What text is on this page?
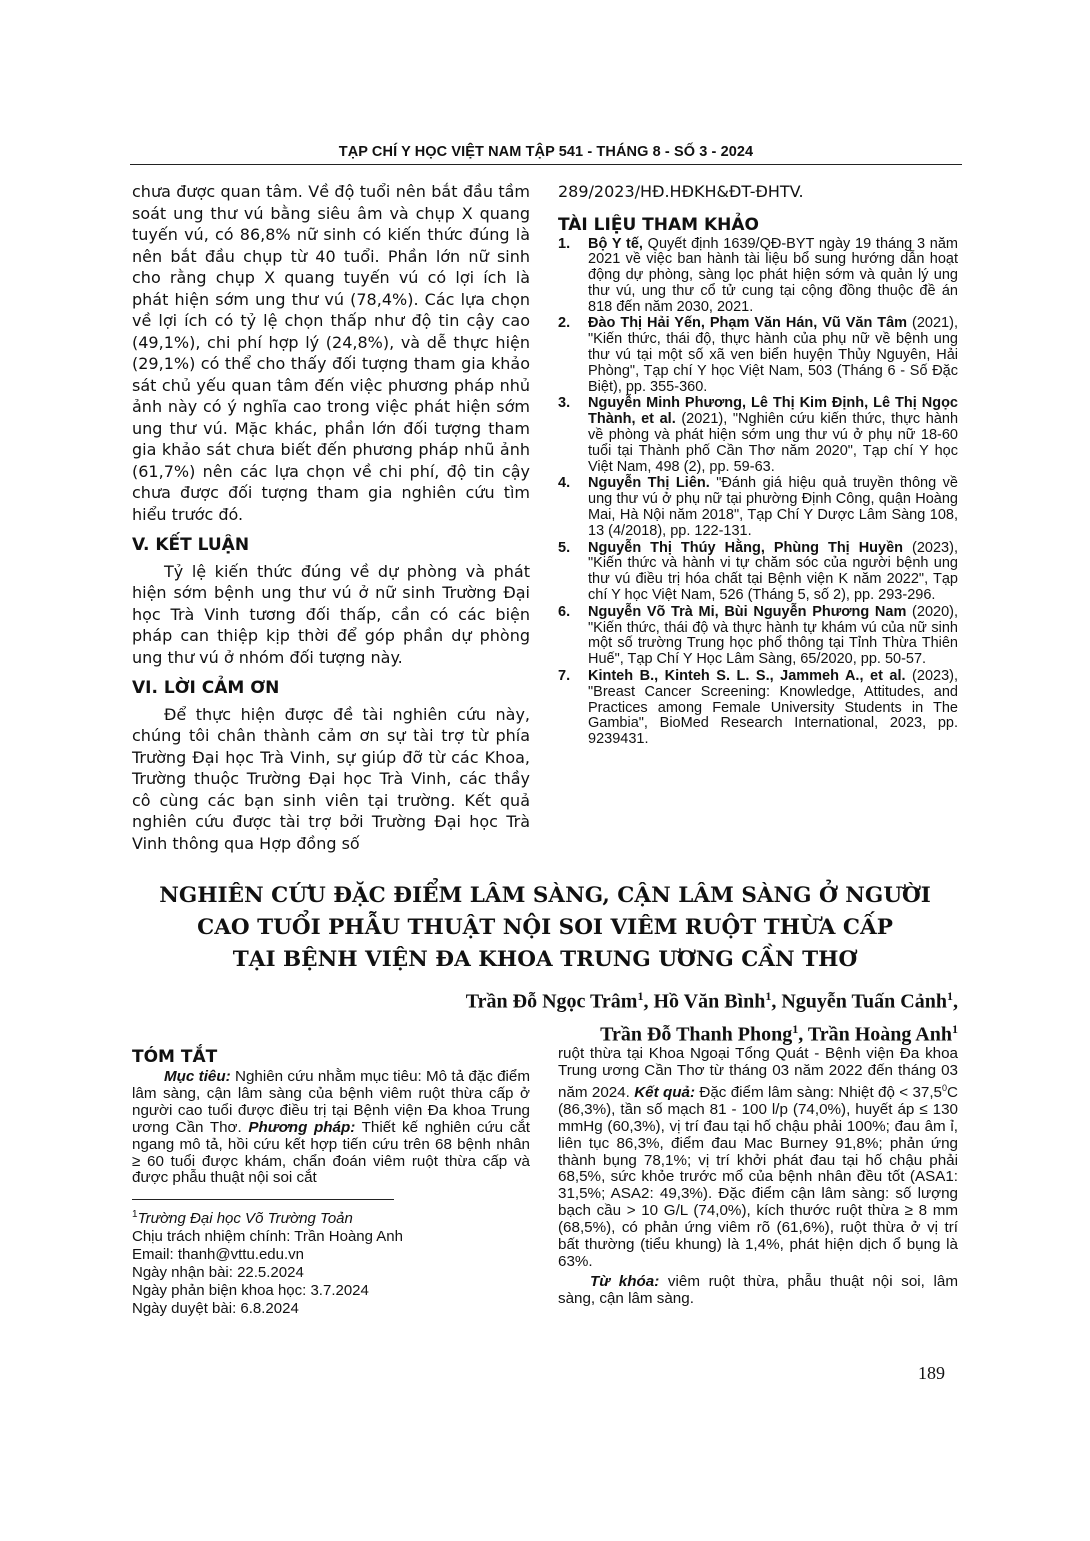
TẠP CHÍ Y HỌC VIỆT NAM TẬP 541 - THÁNG 8 - SỐ 3 - 2024

chưa được quan tâm. Về độ tuổi nên bắt đầu tầm soát ung thư vú bằng siêu âm và chụp X quang tuyến vú, có 86,8% nữ sinh có kiến thức đúng là nên bắt đầu chụp từ 40 tuổi. Phần lớn nữ sinh cho rằng chụp X quang tuyến vú có lợi ích là phát hiện sớm ung thư vú (78,4%). Các lựa chọn về lợi ích có tỷ lệ chọn thấp như độ tin cậy cao (49,1%), chi phí hợp lý (24,8%), và dễ thực hiện (29,1%) có thể cho thấy đối tượng tham gia khảo sát chủ yếu quan tâm đến việc phương pháp nhủ ảnh này có ý nghĩa cao trong việc phát hiện sớm ung thư vú. Mặc khác, phần lớn đối tượng tham gia khảo sát chưa biết đến phương pháp nhũ ảnh (61,7%) nên các lựa chọn về chi phí, độ tin cậy chưa được đối tượng tham gia nghiên cứu tìm hiểu trước đó.

V. KẾT LUẬN

Tỷ lệ kiến thức đúng về dự phòng và phát hiện sớm bệnh ung thư vú ở nữ sinh Trường Đại học Trà Vinh tương đối thấp, cần có các biện pháp can thiệp kịp thời để góp phần dự phòng ung thư vú ở nhóm đối tượng này.

VI. LỜI CẢM ƠN

Để thực hiện được đề tài nghiên cứu này, chúng tôi chân thành cảm ơn sự tài trợ từ phía Trường Đại học Trà Vinh, sự giúp đỡ từ các Khoa, Trường thuộc Trường Đại học Trà Vinh, các thầy cô cùng các bạn sinh viên tại trường. Kết quả nghiên cứu được tài trợ bởi Trường Đại học Trà Vinh thông qua Hợp đồng số

289/2023/HĐ.HĐKH&ĐT-ĐHTV.
TÀI LIỆU THAM KHẢO
1.	Bộ Y tế, Quyết định 1639/QĐ-BYT ngày 19 tháng 3 năm 2021 về việc ban hành tài liệu bổ sung hướng dẫn hoạt động dự phòng, sàng lọc phát hiện sớm và quản lý ung thư vú, ung thư cổ tử cung tại cộng đồng thuộc đề án 818 đến năm 2030, 2021.
2.	Đào Thị Hải Yến, Phạm Văn Hán, Vũ Văn Tâm (2021), "Kiến thức, thái độ, thực hành của phụ nữ về bệnh ung thư vú tại một số xã ven biển huyện Thủy Nguyên, Hải Phòng", Tạp chí Y học Việt Nam, 503 (Tháng 6 - Số Đặc Biệt), pp. 355-360.
3.	Nguyễn Minh Phương, Lê Thị Kim Định, Lê Thị Ngọc Thành, et al. (2021), "Nghiên cứu kiến thức, thực hành về phòng và phát hiện sớm ung thư vú ở phụ nữ 18-60 tuổi tại Thành phố Cần Thơ năm 2020", Tạp chí Y học Việt Nam, 498 (2), pp. 59-63.
4.	Nguyễn Thị Liên. "Đánh giá hiệu quả truyền thông về ung thư vú ở phụ nữ tại phường Định Công, quận Hoàng Mai, Hà Nội năm 2018", Tạp Chí Y Dược Lâm Sàng 108, 13 (4/2018), pp. 122-131.
5.	Nguyễn Thị Thúy Hằng, Phùng Thị Huyền (2023), "Kiến thức và hành vi tự chăm sóc của người bệnh ung thư vú điều trị hóa chất tại Bệnh viện K năm 2022", Tạp chí Y học Việt Nam, 526 (Tháng 5, số 2), pp. 293-296.
6.	Nguyễn Võ Trà Mi, Bùi Nguyễn Phương Nam (2020), "Kiến thức, thái độ và thực hành tự khám vú của nữ sinh một số trường Trung học phổ thông tại Tỉnh Thừa Thiên Huế", Tạp Chí Y Học Lâm Sàng, 65/2020, pp. 50-57.
7.	Kinteh B., Kinteh S. L. S., Jammeh A., et al. (2023), "Breast Cancer Screening: Knowledge, Attitudes, and Practices among Female University Students in The Gambia", BioMed Research International, 2023, pp. 9239431.
NGHIÊN CỨU ĐẶC ĐIỂM LÂM SÀNG, CẬN LÂM SÀNG Ở NGƯỜI
CAO TUỔI PHẪU THUẬT NỘI SOI VIÊM RUỘT THỪA CẤP
TẠI BỆNH VIỆN ĐA KHOA TRUNG ƯƠNG CẦN THƠ
Trần Đỗ Ngọc Trâm$^1$, Hồ Văn Bình$^1$, Nguyễn Tuấn Cảnh$^1$,
Trần Đỗ Thanh Phong$^1$, Trần Hoàng Anh$^1$
TÓM TẮT

Mục tiêu: Nghiên cứu nhằm mục tiêu: Mô tả đặc điểm lâm sàng, cận lâm sàng của bệnh viêm ruột thừa cấp ở người cao tuổi được điều trị tại Bệnh viện Đa khoa Trung ương Cần Thơ. Phương pháp: Thiết kế nghiên cứu cắt ngang mô tả, hồi cứu kết hợp tiến cứu trên 68 bệnh nhân ≥ 60 tuổi được khám, chẩn đoán viêm ruột thừa cấp và được phẫu thuật nội soi cắt

$^1$Trường Đại học Võ Trường Toản
Chịu trách nhiệm chính: Trần Hoàng Anh
Email: thanh@vttu.edu.vn
Ngày nhận bài: 22.5.2024
Ngày phản biện khoa học: 3.7.2024
Ngày duyệt bài: 6.8.2024

ruột thừa tại Khoa Ngoại Tổng Quát - Bệnh viện Đa khoa Trung ương Cần Thơ từ tháng 03 năm 2022 đến tháng 03 năm 2024. Kết quả: Đặc điểm lâm sàng: Nhiệt độ < $37,5^0C$ (86,3%), tần số mạch 81 - 100 l/p (74,0%), huyết áp ≤ 130 mmHg (60,3%), vị trí đau tại hố chậu phải 100%; đau âm ỉ, liên tục 86,3%, điểm đau Mac Burney 91,8%; phản ứng thành bụng 78,1%; vị trí khởi phát đau tại hố chậu phải 68,5%, sức khỏe trước mổ của bệnh nhân đều tốt (ASA1: 31,5%; ASA2: 49,3%). Đặc điểm cận lâm sàng: số lượng bạch cầu > 10 G/L (74,0%), kích thước ruột thừa ≥ 8 mm (68,5%), có phản ứng viêm rõ (61,6%), ruột thừa ở vị trí bất thường (tiểu khung) là 1,4%, phát hiện dịch ổ bụng là 63%.

Từ khóa: viêm ruột thừa, phẫu thuật nội soi, lâm sàng, cận lâm sàng.

189
